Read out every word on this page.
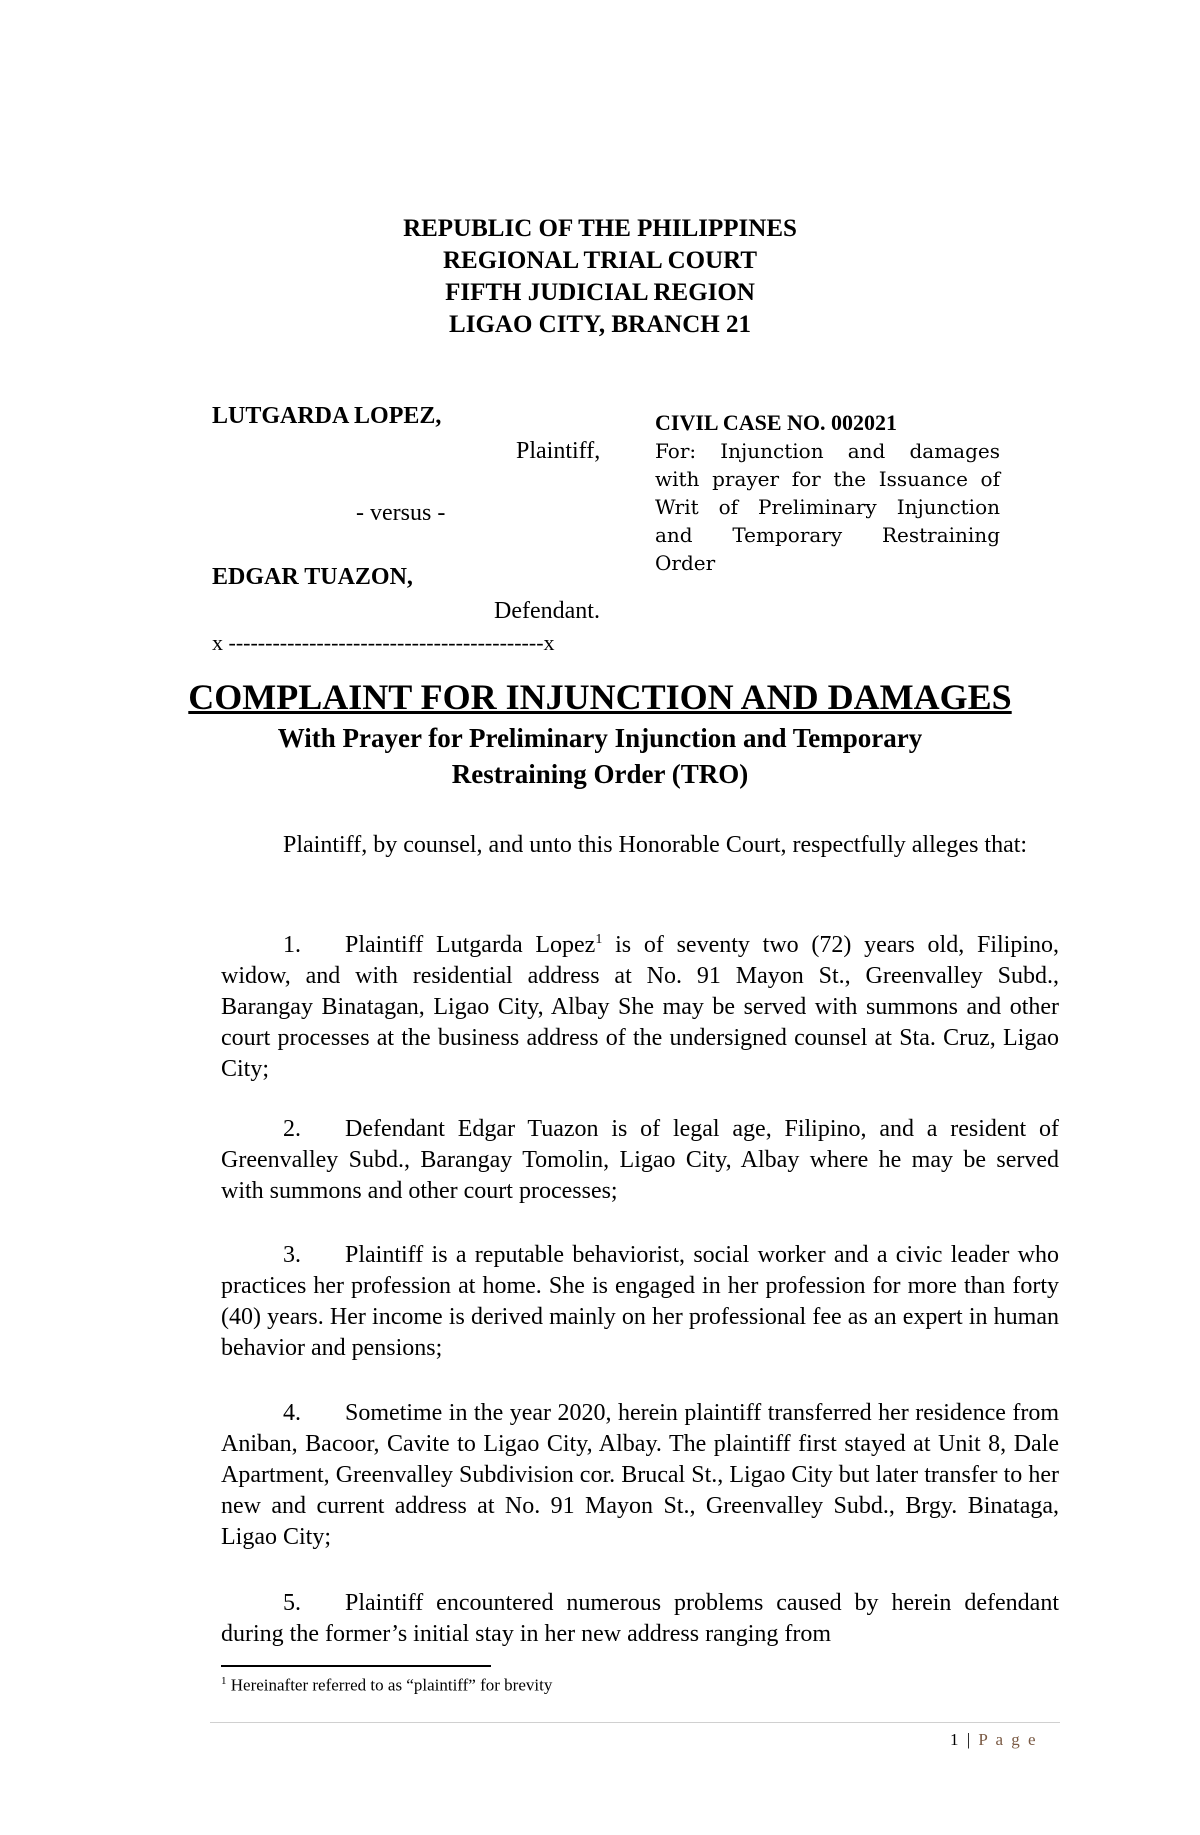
REPUBLIC OF THE PHILIPPINES
REGIONAL TRIAL COURT
FIFTH JUDICIAL REGION
LIGAO CITY, BRANCH 21
LUTGARDA LOPEZ,
Plaintiff,
- versus -
EDGAR TUAZON,
Defendant.
x -------------------------------------------x
CIVIL CASE NO. 002021
For: Injunction and damages
with prayer for the Issuance of
Writ of Preliminary Injunction
and Temporary Restraining
Order
COMPLAINT FOR INJUNCTION AND DAMAGES
With Prayer for Preliminary Injunction and Temporary Restraining Order (TRO)
Plaintiff, by counsel, and unto this Honorable Court, respectfully alleges that:
1. Plaintiff Lutgarda Lopez$^1$ is of seventy two (72) years old, Filipino, widow, and with residential address at No. 91 Mayon St., Greenvalley Subd., Barangay Binatagan, Ligao City, Albay She may be served with summons and other court processes at the business address of the undersigned counsel at Sta. Cruz, Ligao City;
2. Defendant Edgar Tuazon is of legal age, Filipino, and a resident of Greenvalley Subd., Barangay Tomolin, Ligao City, Albay where he may be served with summons and other court processes;
3. Plaintiff is a reputable behaviorist, social worker and a civic leader who practices her profession at home. She is engaged in her profession for more than forty (40) years. Her income is derived mainly on her professional fee as an expert in human behavior and pensions;
4. Sometime in the year 2020, herein plaintiff transferred her residence from Aniban, Bacoor, Cavite to Ligao City, Albay. The plaintiff first stayed at Unit 8, Dale Apartment, Greenvalley Subdivision cor. Brucal St., Ligao City but later transfer to her new and current address at No. 91 Mayon St., Greenvalley Subd., Brgy. Binataga, Ligao City;
5. Plaintiff encountered numerous problems caused by herein defendant during the former’s initial stay in her new address ranging from
$^1$ Hereinafter referred to as “plaintiff” for brevity
1 | P a g e
